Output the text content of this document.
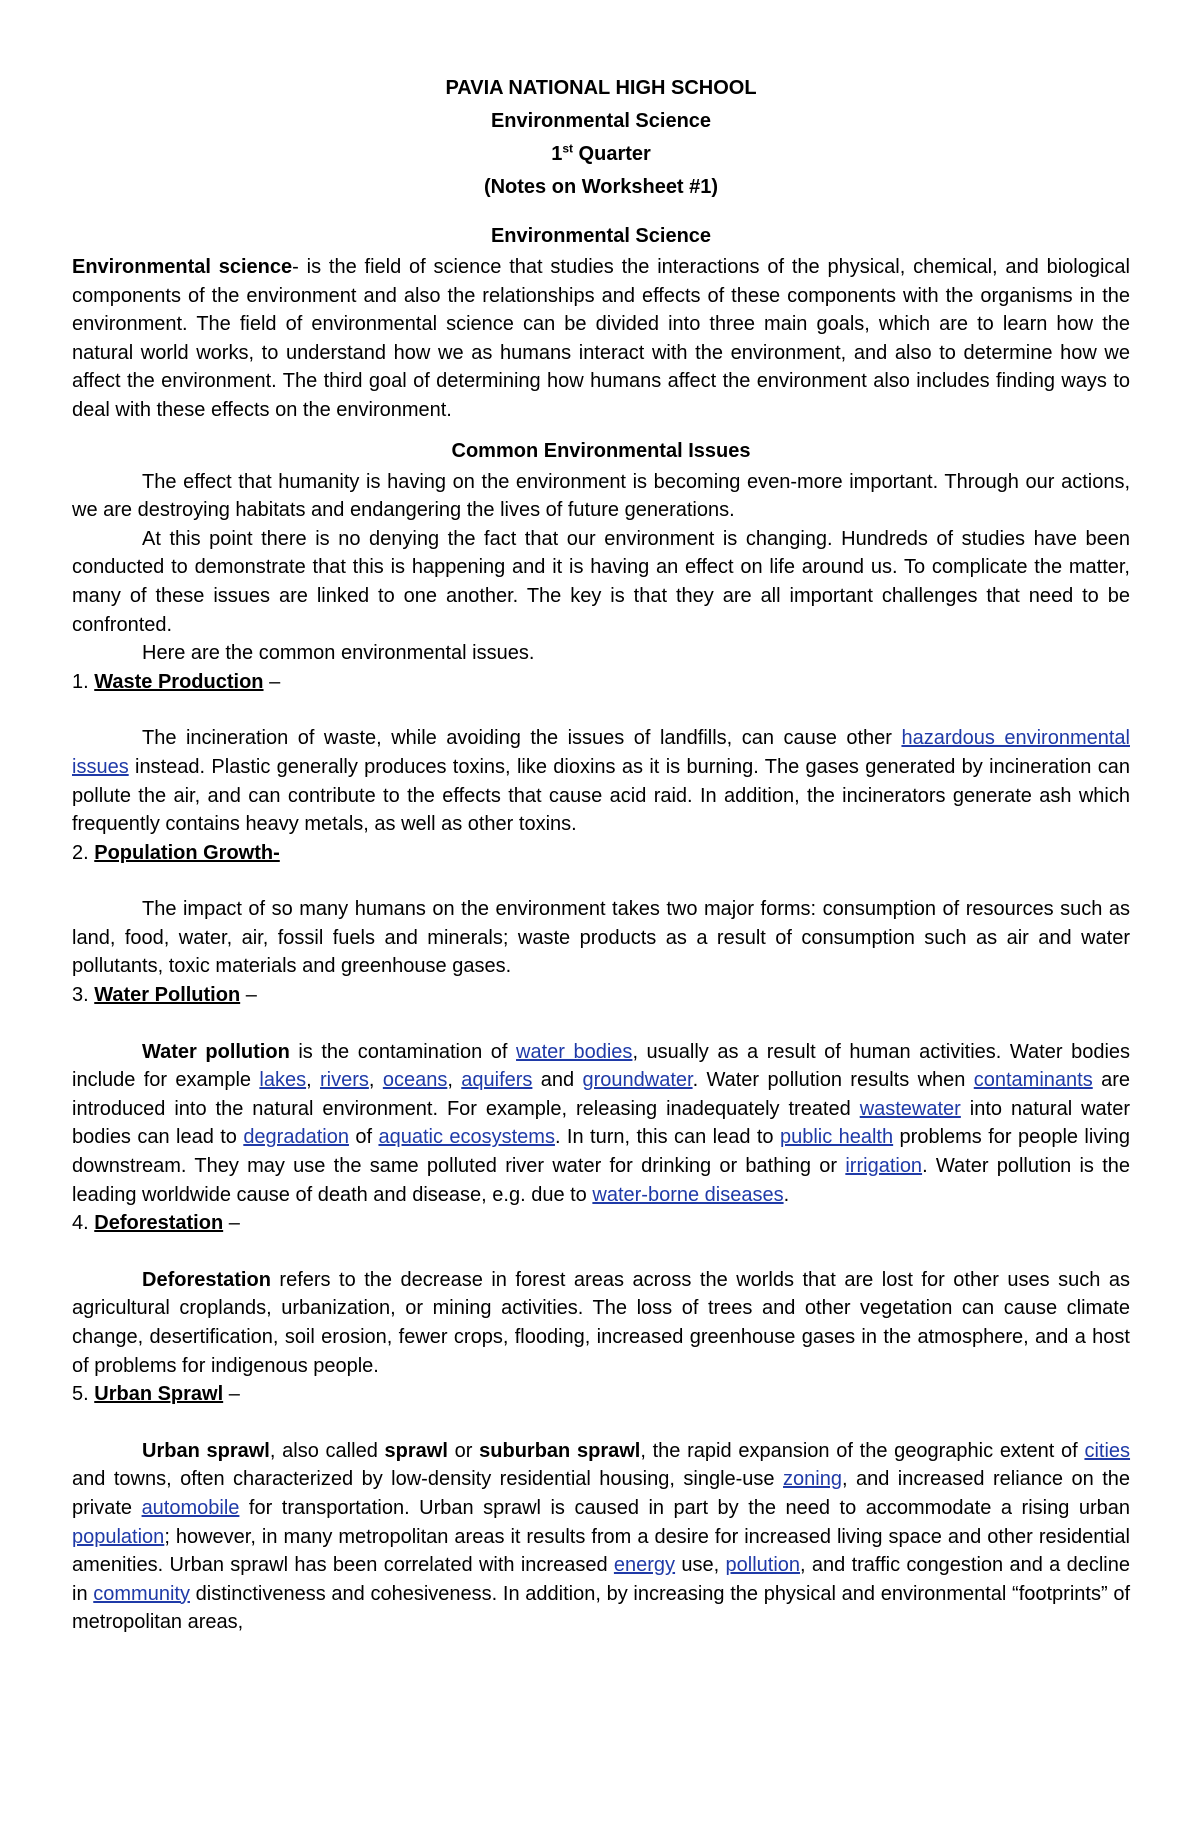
PAVIA NATIONAL HIGH SCHOOL

Environmental Science

1st Quarter

(Notes on Worksheet #1)

Environmental Science

Environmental science- is the field of science that studies the interactions of the physical, chemical, and biological components of the environment and also the relationships and effects of these components with the organisms in the environment. The field of environmental science can be divided into three main goals, which are to learn how the natural world works, to understand how we as humans interact with the environment, and also to determine how we affect the environment. The third goal of determining how humans affect the environment also includes finding ways to deal with these effects on the environment.

Common Environmental Issues

The effect that humanity is having on the environment is becoming even-more important. Through our actions, we are destroying habitats and endangering the lives of future generations.

At this point there is no denying the fact that our environment is changing. Hundreds of studies have been conducted to demonstrate that this is happening and it is having an effect on life around us. To complicate the matter, many of these issues are linked to one another. The key is that they are all important challenges that need to be confronted.

Here are the common environmental issues.

1. Waste Production –

The incineration of waste, while avoiding the issues of landfills, can cause other hazardous environmental issues instead. Plastic generally produces toxins, like dioxins as it is burning. The gases generated by incineration can pollute the air, and can contribute to the effects that cause acid raid. In addition, the incinerators generate ash which frequently contains heavy metals, as well as other toxins.

2. Population Growth-

The impact of so many humans on the environment takes two major forms: consumption of resources such as land, food, water, air, fossil fuels and minerals; waste products as a result of consumption such as air and water pollutants, toxic materials and greenhouse gases.

3. Water Pollution –

Water pollution is the contamination of water bodies, usually as a result of human activities. Water bodies include for example lakes, rivers, oceans, aquifers and groundwater. Water pollution results when contaminants are introduced into the natural environment. For example, releasing inadequately treated wastewater into natural water bodies can lead to degradation of aquatic ecosystems. In turn, this can lead to public health problems for people living downstream. They may use the same polluted river water for drinking or bathing or irrigation. Water pollution is the leading worldwide cause of death and disease, e.g. due to water-borne diseases.

4. Deforestation –

Deforestation refers to the decrease in forest areas across the worlds that are lost for other uses such as agricultural croplands, urbanization, or mining activities. The loss of trees and other vegetation can cause climate change, desertification, soil erosion, fewer crops, flooding, increased greenhouse gases in the atmosphere, and a host of problems for indigenous people.

5. Urban Sprawl –

Urban sprawl, also called sprawl or suburban sprawl, the rapid expansion of the geographic extent of cities and towns, often characterized by low-density residential housing, single-use zoning, and increased reliance on the private automobile for transportation. Urban sprawl is caused in part by the need to accommodate a rising urban population; however, in many metropolitan areas it results from a desire for increased living space and other residential amenities. Urban sprawl has been correlated with increased energy use, pollution, and traffic congestion and a decline in community distinctiveness and cohesiveness. In addition, by increasing the physical and environmental “footprints” of metropolitan areas,
